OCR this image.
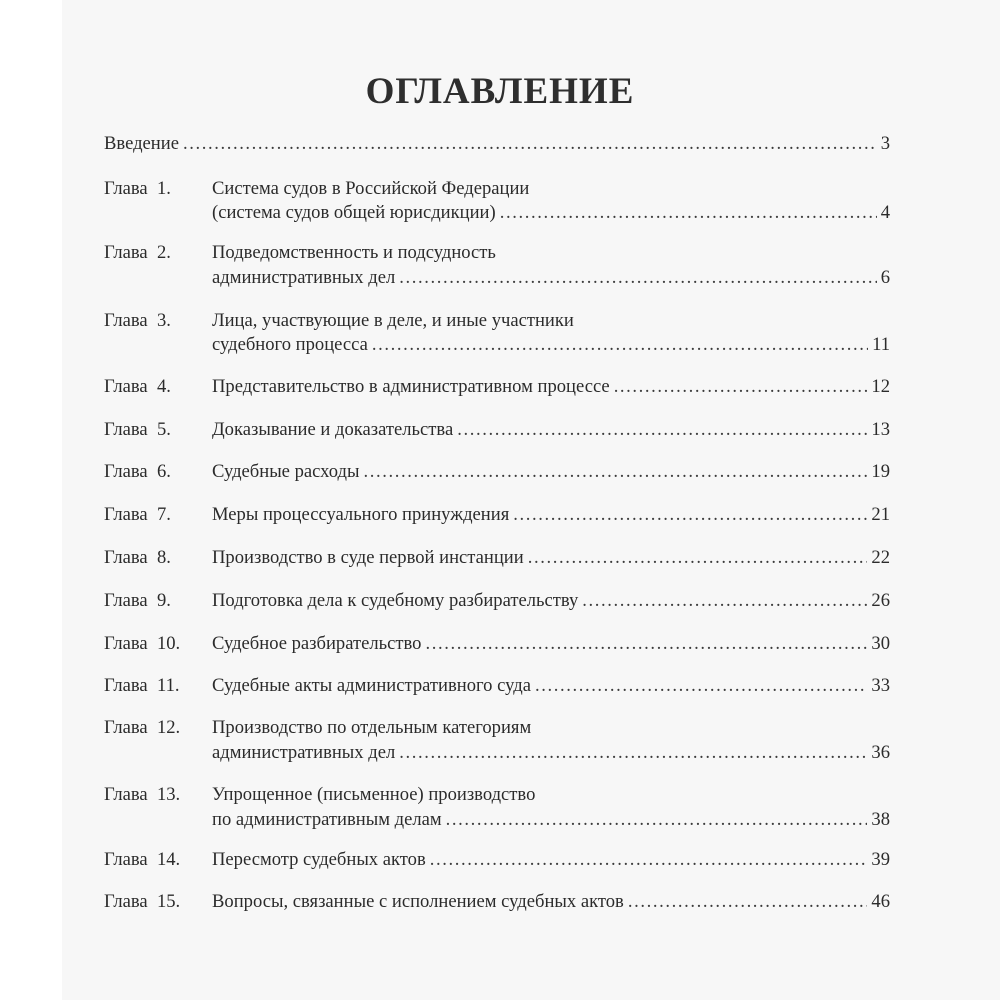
ОГЛАВЛЕНИЕ
Введение .....	3
Глава  1. Система судов в Российской Федерации
(система судов общей юрисдикции) .....	4
Глава  2. Подведомственность и подсудность
административных дел .....	6
Глава  3. Лица, участвующие в деле, и иные участники
судебного процесса .....	11
Глава  4. Представительство в административном процессе .....	12
Глава  5. Доказывание и доказательства .....	13
Глава  6. Судебные расходы .....	19
Глава  7. Меры процессуального принуждения .....	21
Глава  8. Производство в суде первой инстанции .....	22
Глава  9. Подготовка дела к судебному разбирательству .....	26
Глава  10. Судебное разбирательство .....	30
Глава  11. Судебные акты административного суда .....	33
Глава  12. Производство по отдельным категориям
административных дел .....	36
Глава  13. Упрощенное (письменное) производство
по административным делам .....	38
Глава  14. Пересмотр судебных актов .....	39
Глава  15. Вопросы, связанные с исполнением судебных актов .....	46
